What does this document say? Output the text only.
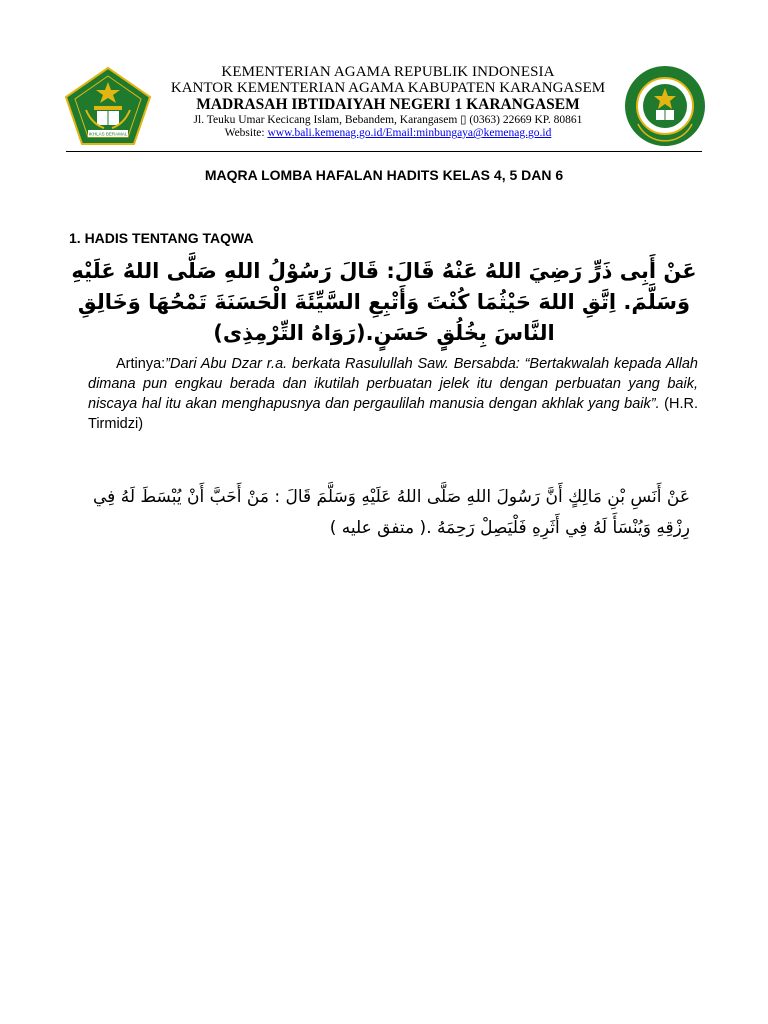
IKHLAS BERAMAL
KEMENTERIAN AGAMA REPUBLIK INDONESIA
KANTOR KEMENTERIAN AGAMA KABUPATEN KARANGASEM
MADRASAH IBTIDAIYAH NEGERI 1 KARANGASEM
Jl. Teuku Umar Kecicang Islam, Bebandem, Karangasem ▯ (0363) 22669 KP. 80861
Website: www.bali.kemenag.go.id/Email:minbungaya@kemenag.go.id
MAQRA LOMBA HAFALAN HADITS KELAS 4, 5 DAN 6
1. HADIS TENTANG TAQWA
عَنْ أَبِى ذَرٍّ رَضِيَ اللهُ عَنْهُ قَالَ: قَالَ رَسُوْلُ اللهِ صَلَّى اللهُ عَلَيْهِ وَسَلَّمَ. اِتَّقِ اللهَ حَيْثُمَا كُنْتَ وَأَتْبِعِ السَّيِّئَةَ الْحَسَنَةَ تَمْحُهَا وَخَالِقِ النَّاسَ بِخُلُقٍ حَسَنٍ.(رَوَاهُ التِّرْمِذِى)
Artinya:”Dari Abu Dzar r.a. berkata Rasulullah Saw. Bersabda: “Bertakwalah kepada Allah dimana pun engkau berada dan ikutilah perbuatan jelek itu dengan perbuatan yang baik, niscaya hal itu akan menghapusnya dan pergaulilah manusia dengan akhlak yang baik”. (H.R. Tirmidzi)
عَنْ أَنَسِ بْنِ مَالِكٍ أَنَّ رَسُولَ اللهِ صَلَّى اللهُ عَلَيْهِ وَسَلَّمَ قَالَ : مَنْ أَحَبَّ أَنْ يُبْسَطَ لَهُ فِي رِزْقِهِ وَيُنْسَأَ لَهُ فِي أَثَرِهِ فَلْيَصِلْ رَحِمَهُ .( متفق عليه )
